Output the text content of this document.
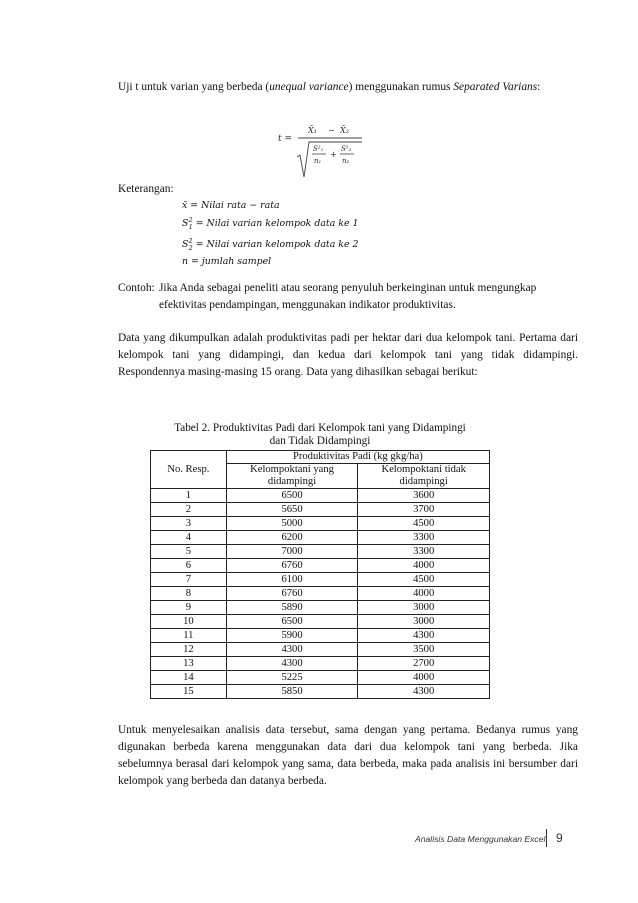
Uji t untuk varian yang berbeda (unequal variance) menggunakan rumus Separated Varians:

t =
X̄₁ − X̄₂
S²₁
n₁
+
S²₂
n₂

Keterangan:

x̄ = Nilai rata − rata
$S^2_1$ = Nilai varian kelompok data ke 1
$S^2_2$ = Nilai varian kelompok data ke 2
n = jumlah sampel

Contoh: Jika Anda sebagai peneliti atau seorang penyuluh berkeinginan untuk mengungkap

efektivitas pendampingan, menggunakan indikator produktivitas.

Data yang dikumpulkan adalah produktivitas padi per hektar dari dua kelompok tani. Pertama dari kelompok tani yang didampingi, dan kedua dari kelompok tani yang tidak didampingi. Respondennya masing-masing 15 orang. Data yang dihasilkan sebagai berikut:

Tabel 2. Produktivitas Padi dari Kelompok tani yang Didampingi
dan Tidak Didampingi
No. Resp.	Produktivitas Padi (kg gkg/ha)	
	Kelompoktani yang didampingi	Kelompoktani tidak didampingi
1	6500	3600
2	5650	3700
3	5000	4500
4	6200	3300
5	7000	3300
6	6760	4000
7	6100	4500
8	6760	4000
9	5890	3000
10	6500	3000
11	5900	4300
12	4300	3500
13	4300	2700
14	5225	4000
15	5850	4300

Untuk menyelesaikan analisis data tersebut, sama dengan yang pertama. Bedanya rumus yang digunakan berbeda karena menggunakan data dari dua kelompok tani yang berbeda. Jika sebelumnya berasal dari kelompok yang sama, data berbeda, maka pada analisis ini bersumber dari kelompok yang berbeda dan datanya berbeda.

Analisis Data Menggunakan Excel 9
